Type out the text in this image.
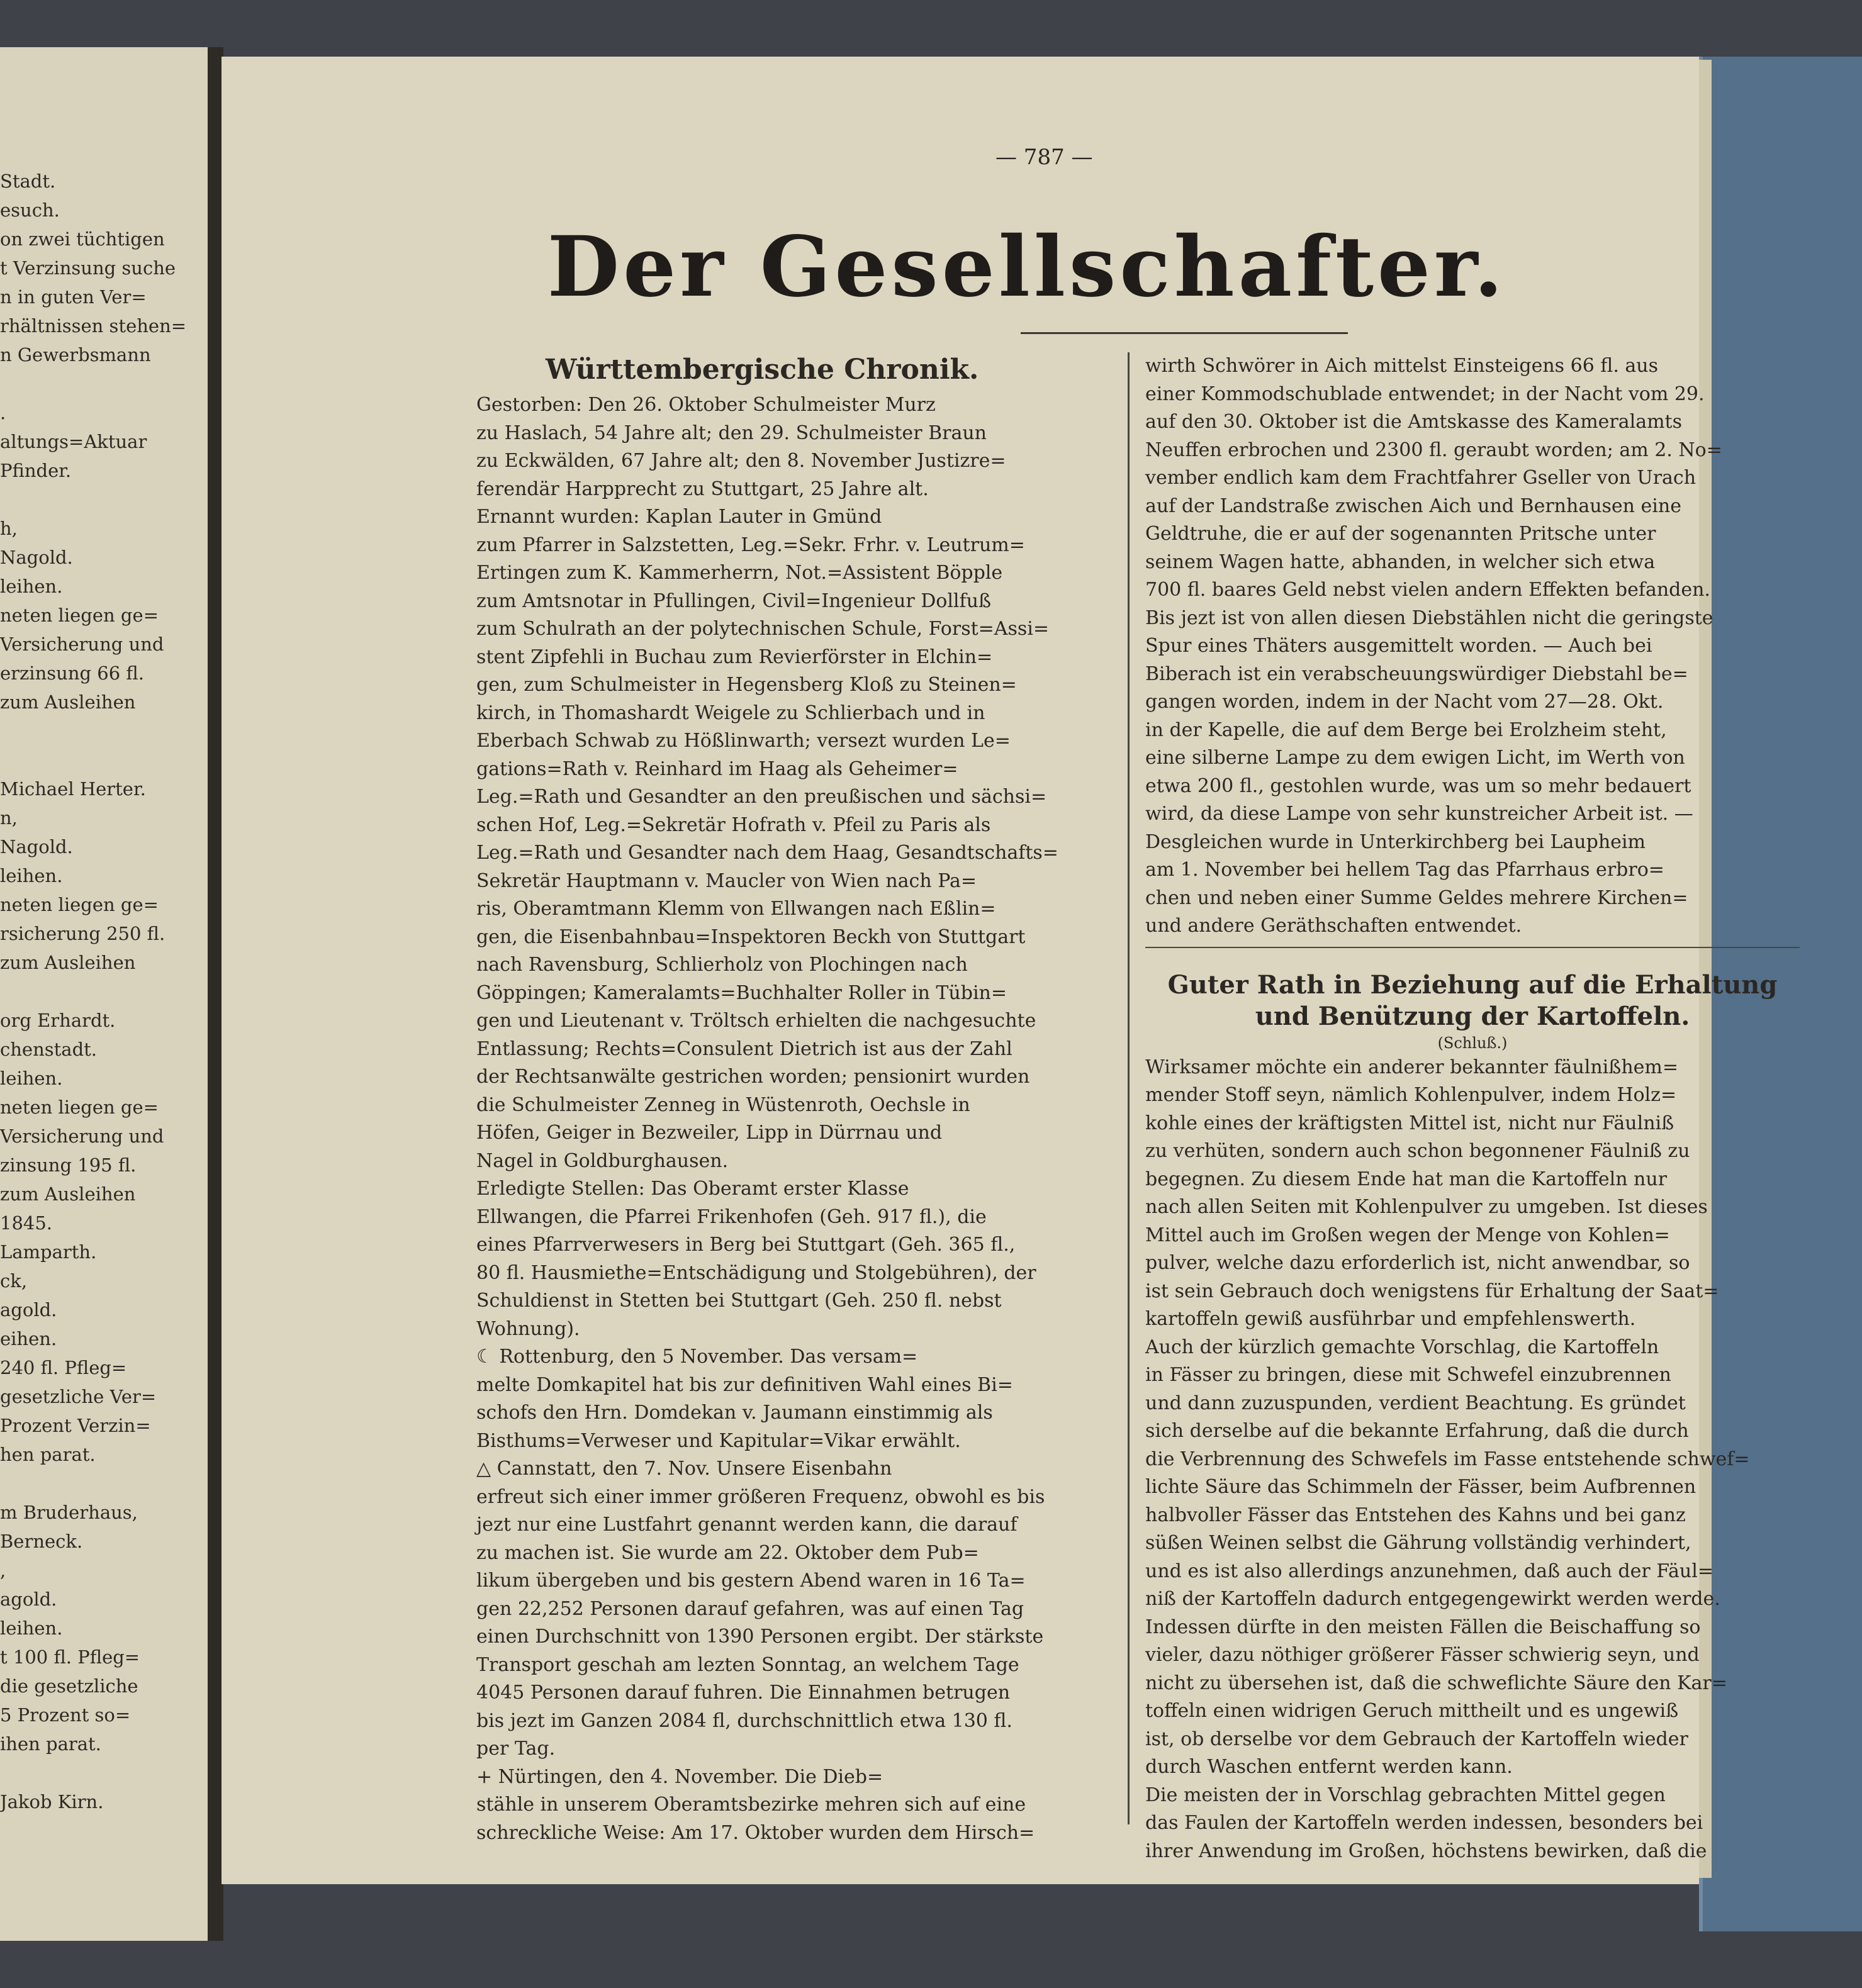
Stadt.
esuch.
on zwei tüchtigen
t Verzinsung suche
n in guten Ver=
rhältnissen stehen=
n Gewerbsmann

.
altungs=Aktuar
Pfinder.

h,
Nagold.
leihen.
neten liegen ge=
Versicherung und
erzinsung 66 fl.
zum Ausleihen

Michael Herter.
n,
Nagold.
leihen.
neten liegen ge=
rsicherung 250 fl.
zum Ausleihen

org Erhardt.
chenstadt.
leihen.
neten liegen ge=
Versicherung und
zinsung 195 fl.
zum Ausleihen
1845.
Lamparth.
ck,
agold.
eihen.
240 fl. Pfleg=
gesetzliche Ver=
Prozent Verzin=
hen parat.

m Bruderhaus,
Berneck.
,
agold.
leihen.
t 100 fl. Pfleg=
die gesetzliche
5 Prozent so=
ihen parat.

Jakob Kirn.
— 787 —
Der Gesellschafter.
Württembergische Chronik.
Gestorben: Den 26. Oktober Schulmeister Murz
zu Haslach, 54 Jahre alt; den 29. Schulmeister Braun
zu Eckwälden, 67 Jahre alt; den 8. November Justizre=
ferendär Harpprecht zu Stuttgart, 25 Jahre alt.
Ernannt wurden: Kaplan Lauter in Gmünd
zum Pfarrer in Salzstetten, Leg.=Sekr. Frhr. v. Leutrum=
Ertingen zum K. Kammerherrn, Not.=Assistent Böpple
zum Amtsnotar in Pfullingen, Civil=Ingenieur Dollfuß
zum Schulrath an der polytechnischen Schule, Forst=Assi=
stent Zipfehli in Buchau zum Revierförster in Elchin=
gen, zum Schulmeister in Hegensberg Kloß zu Steinen=
kirch, in Thomashardt Weigele zu Schlierbach und in
Eberbach Schwab zu Hößlinwarth; versezt wurden Le=
gations=Rath v. Reinhard im Haag als Geheimer=
Leg.=Rath und Gesandter an den preußischen und sächsi=
schen Hof, Leg.=Sekretär Hofrath v. Pfeil zu Paris als
Leg.=Rath und Gesandter nach dem Haag, Gesandtschafts=
Sekretär Hauptmann v. Maucler von Wien nach Pa=
ris, Oberamtmann Klemm von Ellwangen nach Eßlin=
gen, die Eisenbahnbau=Inspektoren Beckh von Stuttgart
nach Ravensburg, Schlierholz von Plochingen nach
Göppingen; Kameralamts=Buchhalter Roller in Tübin=
gen und Lieutenant v. Tröltsch erhielten die nachgesuchte
Entlassung; Rechts=Consulent Dietrich ist aus der Zahl
der Rechtsanwälte gestrichen worden; pensionirt wurden
die Schulmeister Zenneg in Wüstenroth, Oechsle in
Höfen, Geiger in Bezweiler, Lipp in Dürrnau und
Nagel in Goldburghausen.
Erledigte Stellen: Das Oberamt erster Klasse
Ellwangen, die Pfarrei Frikenhofen (Geh. 917 fl.), die
eines Pfarrverwesers in Berg bei Stuttgart (Geh. 365 fl.,
80 fl. Hausmiethe=Entschädigung und Stolgebühren), der
Schuldienst in Stetten bei Stuttgart (Geh. 250 fl. nebst
Wohnung).
☾ Rottenburg, den 5 November. Das versam=
melte Domkapitel hat bis zur definitiven Wahl eines Bi=
schofs den Hrn. Domdekan v. Jaumann einstimmig als
Bisthums=Verweser und Kapitular=Vikar erwählt.
△ Cannstatt, den 7. Nov. Unsere Eisenbahn
erfreut sich einer immer größeren Frequenz, obwohl es bis
jezt nur eine Lustfahrt genannt werden kann, die darauf
zu machen ist. Sie wurde am 22. Oktober dem Pub=
likum übergeben und bis gestern Abend waren in 16 Ta=
gen 22,252 Personen darauf gefahren, was auf einen Tag
einen Durchschnitt von 1390 Personen ergibt. Der stärkste
Transport geschah am lezten Sonntag, an welchem Tage
4045 Personen darauf fuhren. Die Einnahmen betrugen
bis jezt im Ganzen 2084 fl, durchschnittlich etwa 130 fl.
per Tag.
+ Nürtingen, den 4. November. Die Dieb=
stähle in unserem Oberamtsbezirke mehren sich auf eine
schreckliche Weise: Am 17. Oktober wurden dem Hirsch=
wirth Schwörer in Aich mittelst Einsteigens 66 fl. aus
einer Kommodschublade entwendet; in der Nacht vom 29.
auf den 30. Oktober ist die Amtskasse des Kameralamts
Neuffen erbrochen und 2300 fl. geraubt worden; am 2. No=
vember endlich kam dem Frachtfahrer Gseller von Urach
auf der Landstraße zwischen Aich und Bernhausen eine
Geldtruhe, die er auf der sogenannten Pritsche unter
seinem Wagen hatte, abhanden, in welcher sich etwa
700 fl. baares Geld nebst vielen andern Effekten befanden.
Bis jezt ist von allen diesen Diebstählen nicht die geringste
Spur eines Thäters ausgemittelt worden. — Auch bei
Biberach ist ein verabscheuungswürdiger Diebstahl be=
gangen worden, indem in der Nacht vom 27—28. Okt.
in der Kapelle, die auf dem Berge bei Erolzheim steht,
eine silberne Lampe zu dem ewigen Licht, im Werth von
etwa 200 fl., gestohlen wurde, was um so mehr bedauert
wird, da diese Lampe von sehr kunstreicher Arbeit ist. —
Desgleichen wurde in Unterkirchberg bei Laupheim
am 1. November bei hellem Tag das Pfarrhaus erbro=
chen und neben einer Summe Geldes mehrere Kirchen=
und andere Geräthschaften entwendet.
Guter Rath in Beziehung auf die Erhaltung
und Benützung der Kartoffeln.
(Schluß.)
Wirksamer möchte ein anderer bekannter fäulnißhem=
mender Stoff seyn, nämlich Kohlenpulver, indem Holz=
kohle eines der kräftigsten Mittel ist, nicht nur Fäulniß
zu verhüten, sondern auch schon begonnener Fäulniß zu
begegnen. Zu diesem Ende hat man die Kartoffeln nur
nach allen Seiten mit Kohlenpulver zu umgeben. Ist dieses
Mittel auch im Großen wegen der Menge von Kohlen=
pulver, welche dazu erforderlich ist, nicht anwendbar, so
ist sein Gebrauch doch wenigstens für Erhaltung der Saat=
kartoffeln gewiß ausführbar und empfehlenswerth.
Auch der kürzlich gemachte Vorschlag, die Kartoffeln
in Fässer zu bringen, diese mit Schwefel einzubrennen
und dann zuzuspunden, verdient Beachtung. Es gründet
sich derselbe auf die bekannte Erfahrung, daß die durch
die Verbrennung des Schwefels im Fasse entstehende schwef=
lichte Säure das Schimmeln der Fässer, beim Aufbrennen
halbvoller Fässer das Entstehen des Kahns und bei ganz
süßen Weinen selbst die Gährung vollständig verhindert,
und es ist also allerdings anzunehmen, daß auch der Fäul=
niß der Kartoffeln dadurch entgegengewirkt werden werde.
Indessen dürfte in den meisten Fällen die Beischaffung so
vieler, dazu nöthiger größerer Fässer schwierig seyn, und
nicht zu übersehen ist, daß die schweflichte Säure den Kar=
toffeln einen widrigen Geruch mittheilt und es ungewiß
ist, ob derselbe vor dem Gebrauch der Kartoffeln wieder
durch Waschen entfernt werden kann.
Die meisten der in Vorschlag gebrachten Mittel gegen
das Faulen der Kartoffeln werden indessen, besonders bei
ihrer Anwendung im Großen, höchstens bewirken, daß die
